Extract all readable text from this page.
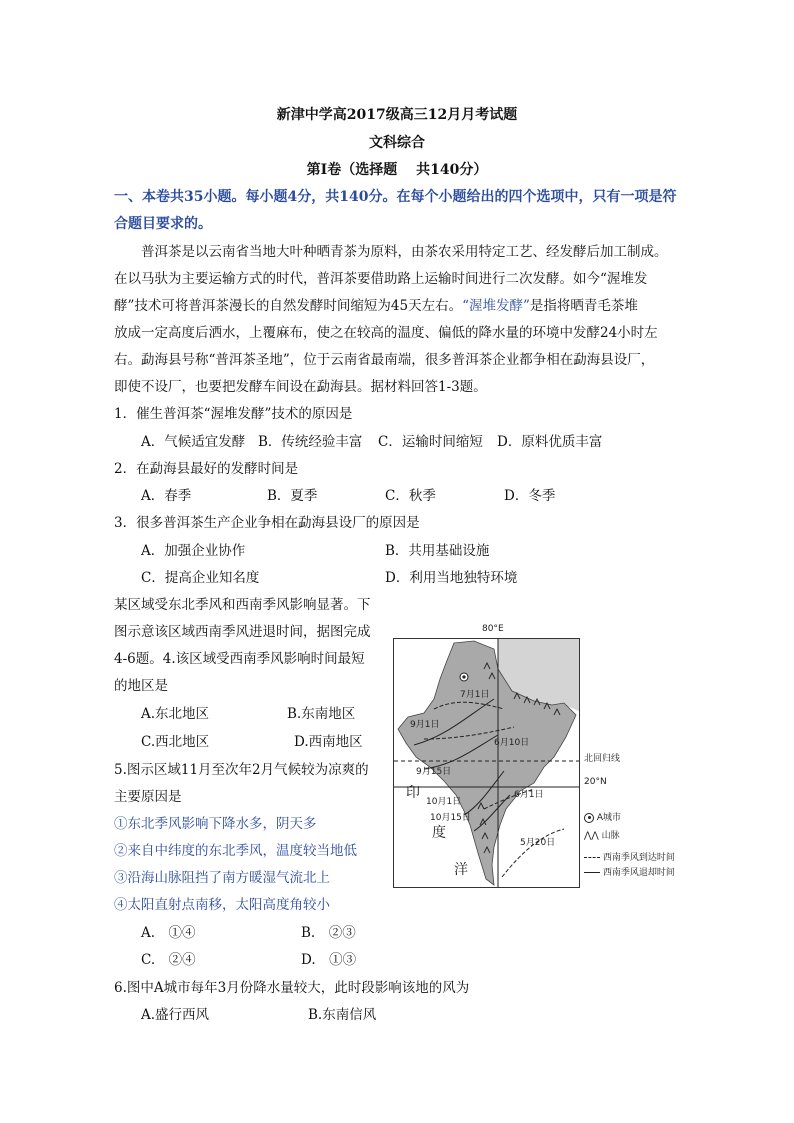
新津中学高2017级高三12月月考试题
文科综合
第Ⅰ卷（选择题　 共140分）
一、本卷共35小题。每小题4分，共140分。在每个小题给出的四个选项中，只有一项是符
合题目要求的。
普洱茶是以云南省当地大叶种晒青茶为原料，由茶农采用特定工艺、经发酵后加工制成。
在以马驮为主要运输方式的时代，普洱茶要借助路上运输时间进行二次发酵。如今“渥堆发
酵”技术可将普洱茶漫长的自然发酵时间缩短为45天左右。“渥堆发酵”是指将晒青毛茶堆
放成一定高度后洒水，上覆麻布，使之在较高的温度、偏低的降水量的环境中发酵24小时左
右。勐海县号称“普洱茶圣地”，位于云南省最南端，很多普洱茶企业都争相在勐海县设厂，
即使不设厂，也要把发酵车间设在勐海县。据材料回答1-3题。
1．催生普洱茶“渥堆发酵”技术的原因是
A．气候适宜发酵 B．传统经验丰富 C．运输时间缩短 D．原料优质丰富
2．在勐海县最好的发酵时间是
A．春季	B．夏季	C．秋季	D．冬季
3．很多普洱茶生产企业争相在勐海县设厂的原因是
A．加强企业协作	B．共用基础设施
C．提高企业知名度	D．利用当地独特环境
某区域受东北季风和西南季风影响显著。下
图示意该区域西南季风进退时间，据图完成
4-6题。4.该区域受西南季风影响时间最短
的地区是
A.东北地区	B.东南地区
C.西北地区	D.西南地区
5.图示区域11月至次年2月气候较为凉爽的
主要原因是
①东北季风影响下降水多，阴天多
②来自中纬度的东北季风，温度较当地低
③沿海山脉阻挡了南方暖湿气流北上
④太阳直射点南移，太阳高度角较小
A.　①④	B.　②③
C.　②④	D.　①③
6.图中A城市每年3月份降水量较大，此时段影响该地的风为
A.盛行西风	B.东南信风
80°E
7月1日
9月1日
6月10日
9月15日
6月1日
10月1日
10月15日
5月20日
印
度
洋
北回归线
20°N
A城市
⋀⋀ 山脉
西南季风到达时间
西南季风退却时间
